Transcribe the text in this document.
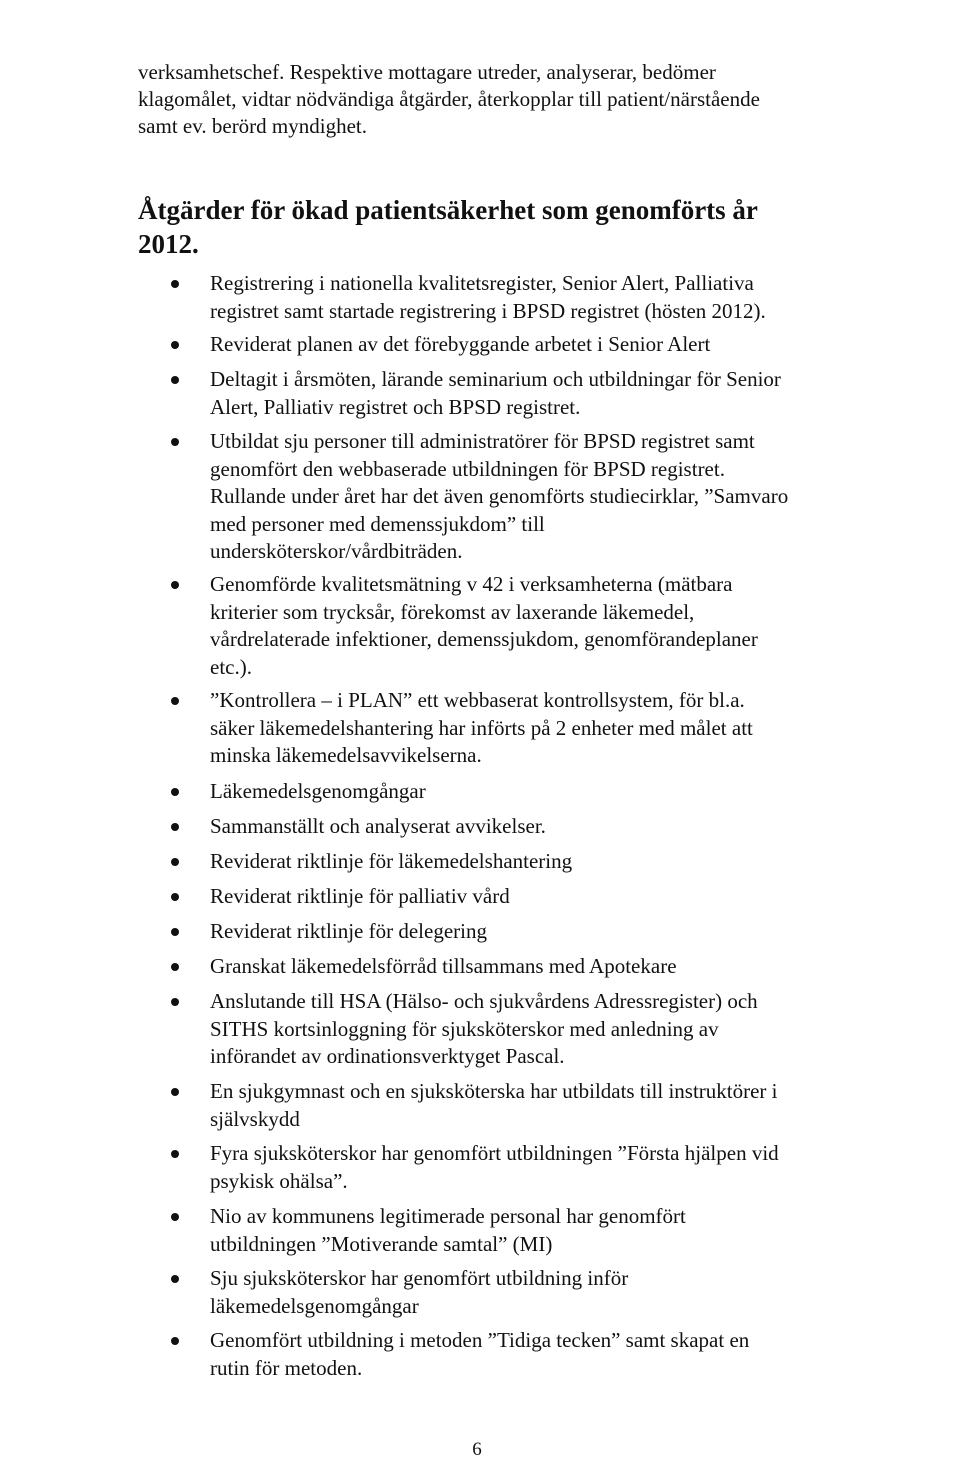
verksamhetschef. Respektive mottagare utreder, analyserar, bedömer
klagomålet, vidtar nödvändiga åtgärder, återkopplar till patient/närstående
samt ev. berörd myndighet.

Åtgärder för ökad patientsäkerhet som genomförts år
2012.
Registrering i nationella kvalitetsregister, Senior Alert, Palliativa
registret samt startade registrering i BPSD registret (hösten 2012).
Reviderat planen av det förebyggande arbetet i Senior Alert
Deltagit i årsmöten, lärande seminarium och utbildningar för Senior
Alert, Palliativ registret och BPSD registret.
Utbildat sju personer till administratörer för BPSD registret samt
genomfört den webbaserade utbildningen för BPSD registret.
Rullande under året har det även genomförts studiecirklar, ”Samvaro
med personer med demenssjukdom” till
undersköterskor/vårdbiträden.
Genomförde kvalitetsmätning v 42 i verksamheterna (mätbara
kriterier som trycksår, förekomst av laxerande läkemedel,
vårdrelaterade infektioner, demenssjukdom, genomförandeplaner
etc.).
”Kontrollera – i PLAN” ett webbaserat kontrollsystem, för bl.a.
säker läkemedelshantering har införts på 2 enheter med målet att
minska läkemedelsavvikelserna.
Läkemedelsgenomgångar
Sammanställt och analyserat avvikelser.
Reviderat riktlinje för läkemedelshantering
Reviderat riktlinje för palliativ vård
Reviderat riktlinje för delegering
Granskat läkemedelsförråd tillsammans med Apotekare
Anslutande till HSA (Hälso- och sjukvårdens Adressregister) och
SITHS kortsinloggning för sjuksköterskor med anledning av
införandet av ordinationsverktyget Pascal.
En sjukgymnast och en sjuksköterska har utbildats till instruktörer i
självskydd
Fyra sjuksköterskor har genomfört utbildningen ”Första hjälpen vid
psykisk ohälsa”.
Nio av kommunens legitimerade personal har genomfört
utbildningen ”Motiverande samtal” (MI)
Sju sjuksköterskor har genomfört utbildning inför
läkemedelsgenomgångar
Genomfört utbildning i metoden ”Tidiga tecken” samt skapat en
rutin för metoden.
6
